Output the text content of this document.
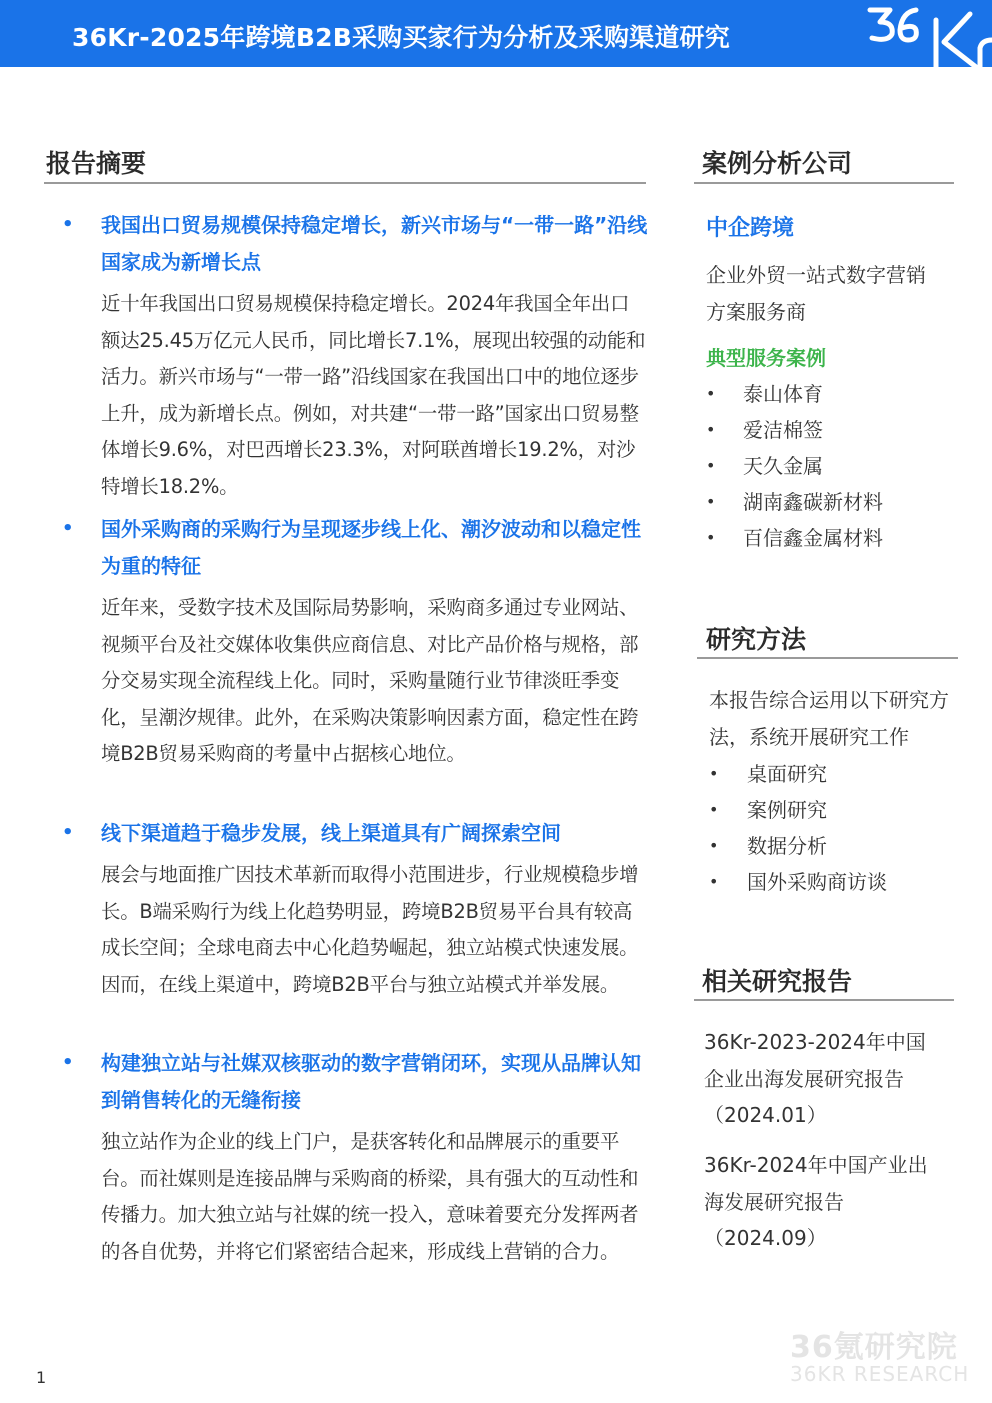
36Kr-2025年跨境B2B采购买家行为分析及采购渠道研究
报告摘要
• 我国出口贸易规模保持稳定增长，新兴市场与“一带一路”沿线国家成为新增长点
近十年我国出口贸易规模保持稳定增长。2024年我国全年出口额达25.45万亿元人民币，同比增长7.1%，展现出较强的动能和活力。新兴市场与“一带一路”沿线国家在我国出口中的地位逐步上升，成为新增长点。例如，对共建“一带一路”国家出口贸易整体增长9.6%，对巴西增长23.3%，对阿联酋增长19.2%，对沙特增长18.2%。
• 国外采购商的采购行为呈现逐步线上化、潮汐波动和以稳定性为重的特征
近年来，受数字技术及国际局势影响，采购商多通过专业网站、视频平台及社交媒体收集供应商信息、对比产品价格与规格，部分交易实现全流程线上化。同时，采购量随行业节律淡旺季变化，呈潮汐规律。此外，在采购决策影响因素方面，稳定性在跨境B2B贸易采购商的考量中占据核心地位。
• 线下渠道趋于稳步发展，线上渠道具有广阔探索空间
展会与地面推广因技术革新而取得小范围进步，行业规模稳步增长。B端采购行为线上化趋势明显，跨境B2B贸易平台具有较高成长空间；全球电商去中心化趋势崛起，独立站模式快速发展。因而，在线上渠道中，跨境B2B平台与独立站模式并举发展。
• 构建独立站与社媒双核驱动的数字营销闭环，实现从品牌认知到销售转化的无缝衔接
独立站作为企业的线上门户，是获客转化和品牌展示的重要平台。而社媒则是连接品牌与采购商的桥梁，具有强大的互动性和传播力。加大独立站与社媒的统一投入，意味着要充分发挥两者的各自优势，并将它们紧密结合起来，形成线上营销的合力。
案例分析公司
中企跨境
企业外贸一站式数字营销方案服务商
典型服务案例
• 泰山体育
• 爱洁棉签
• 天久金属
• 湖南鑫碳新材料
• 百信鑫金属材料
研究方法
本报告综合运用以下研究方法，系统开展研究工作
• 桌面研究
• 案例研究
• 数据分析
• 国外采购商访谈
相关研究报告
36Kr-2023-2024年中国企业出海发展研究报告
（2024.01）
36Kr-2024年中国产业出海发展研究报告
（2024.09）
1
36氪研究院
36KR RESEARCH
